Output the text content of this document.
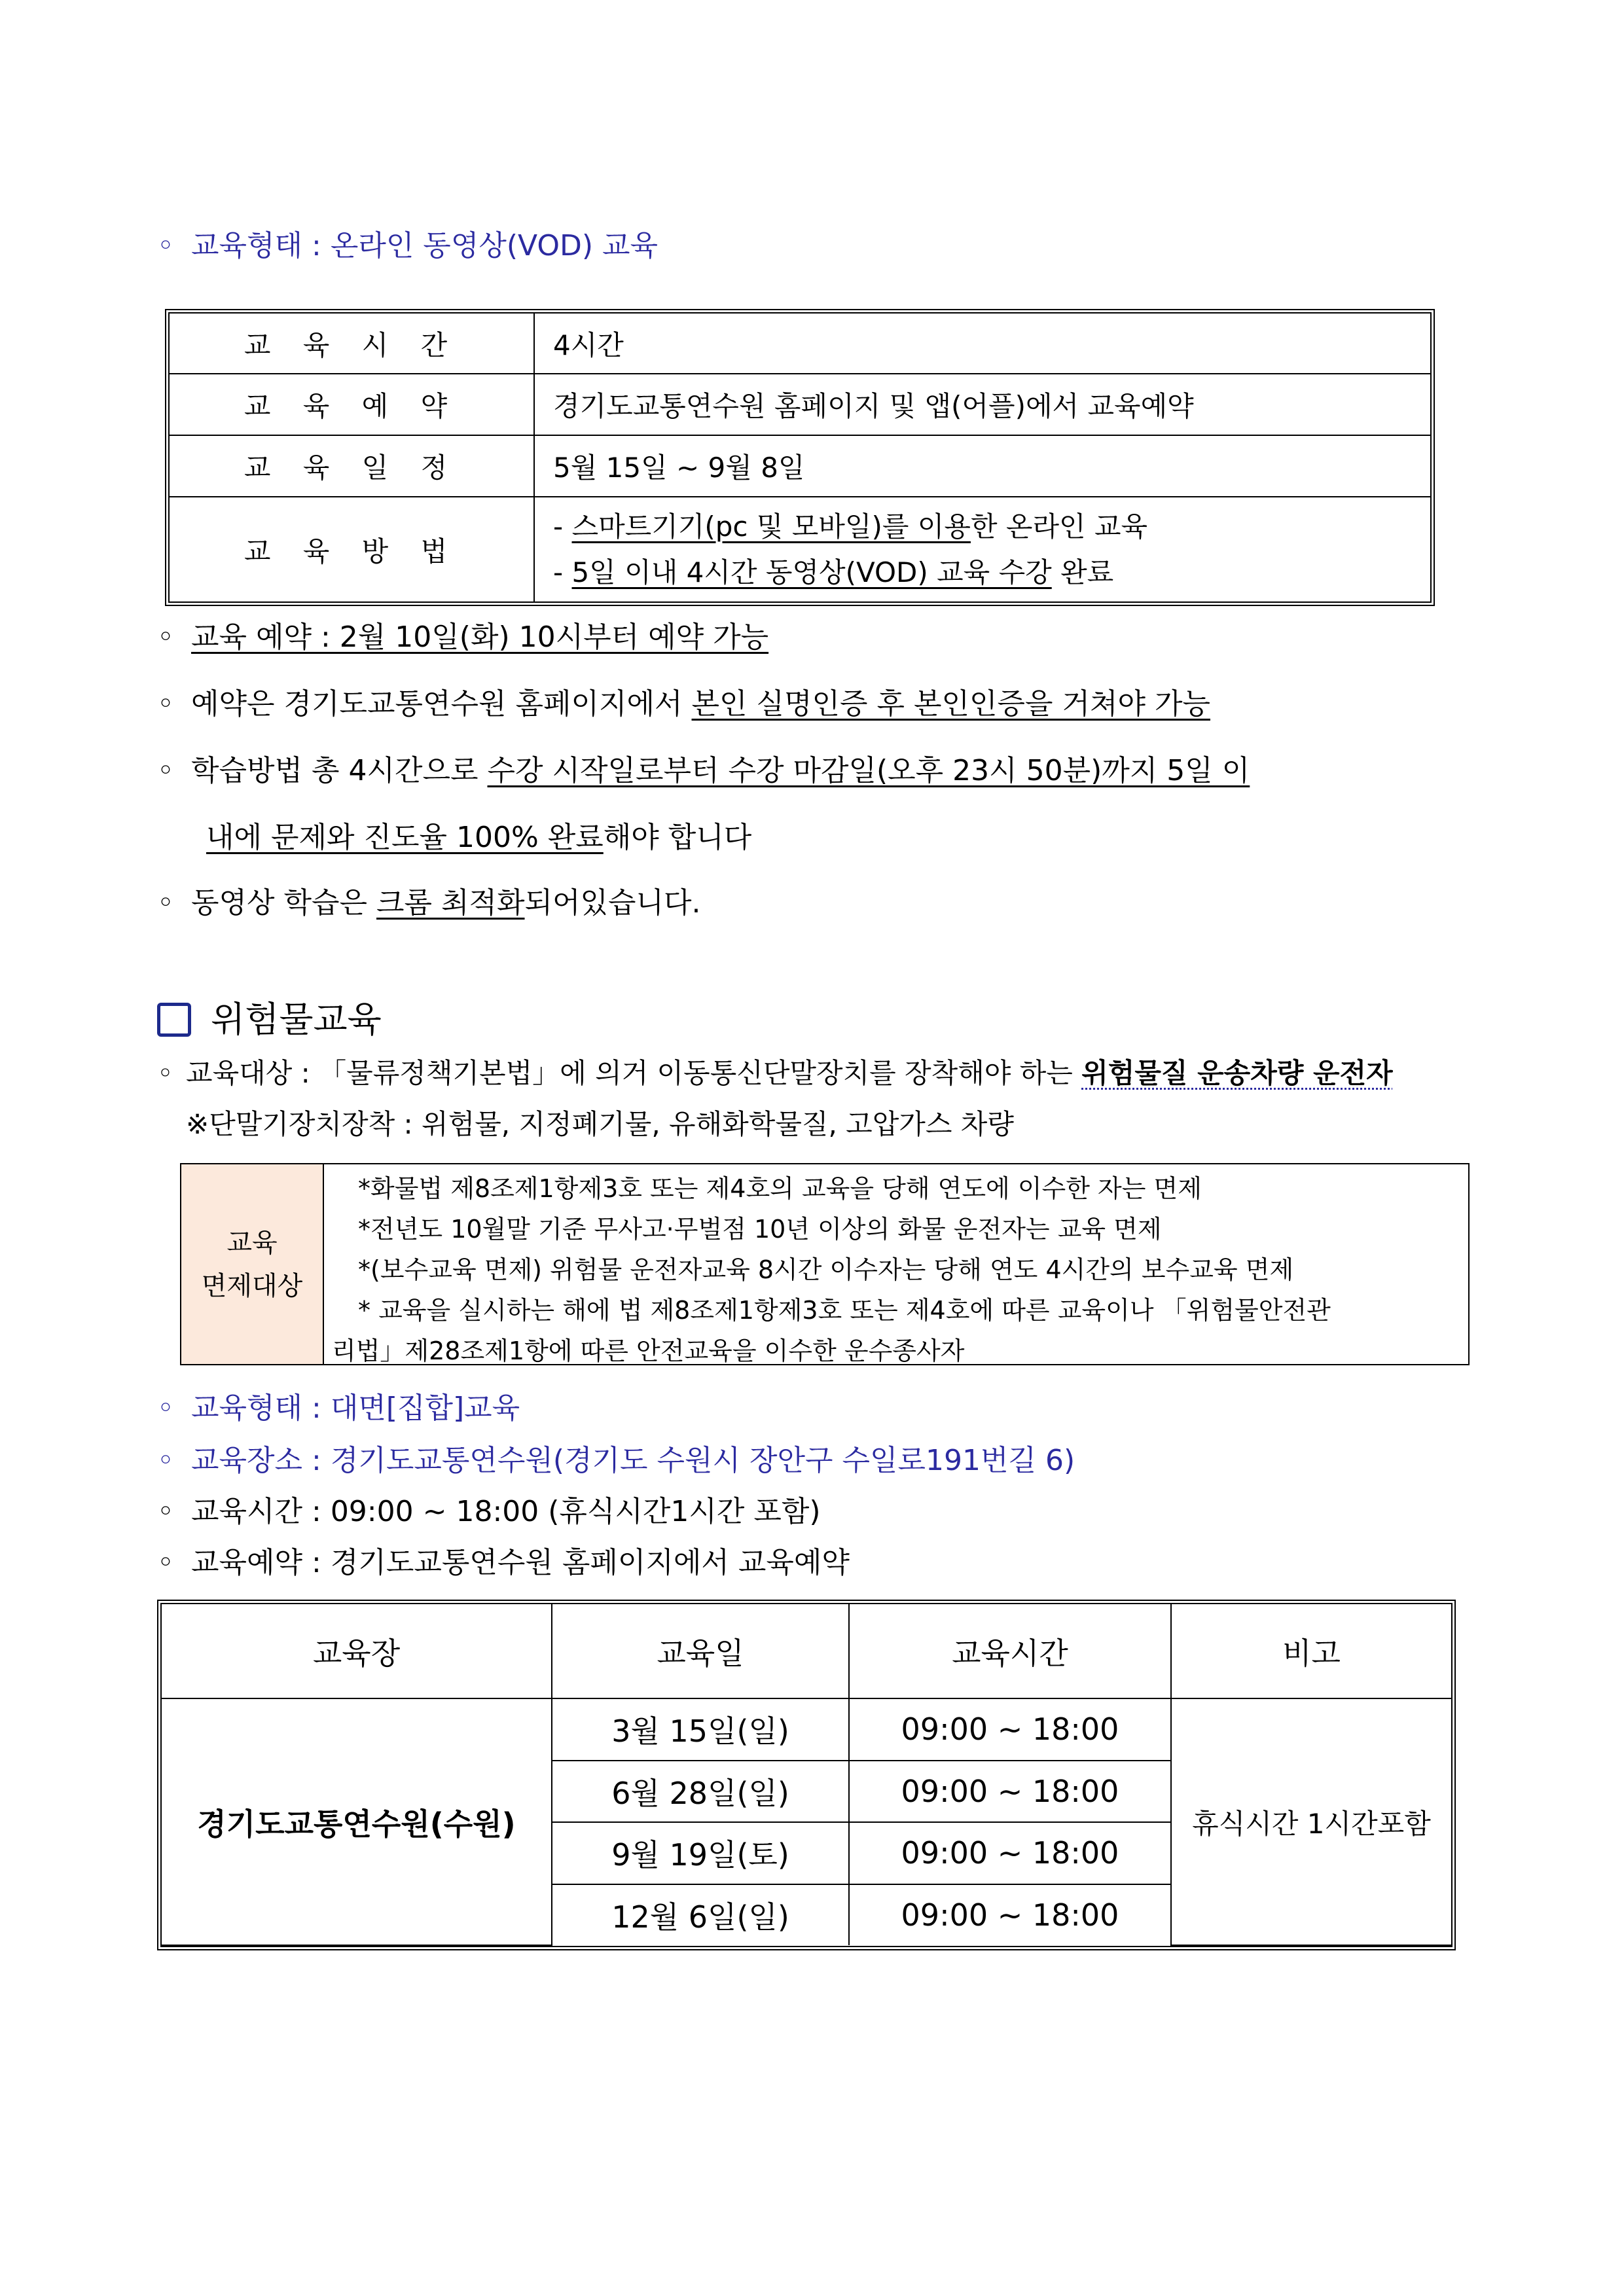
◦ 교육형태 : 온라인 동영상(VOD) 교육
교 육 시 간	4시간
교 육 예 약	경기도교통연수원 홈페이지 및 앱(어플)에서 교육예약
교 육 일 정	5월 15일 ~ 9월 8일
교 육 방 법	- 스마트기기(pc 및 모바일)를 이용한 온라인 교육
- 5일 이내 4시간 동영상(VOD) 교육 수강 완료
◦ 교육 예약 : 2월 10일(화) 10시부터 예약 가능
◦ 예약은 경기도교통연수원 홈페이지에서 본인 실명인증 후 본인인증을 거쳐야 가능
◦ 학습방법 총 4시간으로 수강 시작일로부터 수강 마감일(오후 23시 50분)까지 5일 이
내에 문제와 진도율 100% 완료해야 합니다
◦ 동영상 학습은 크롬 최적화되어있습니다.
위험물교육
◦ 교육대상 : 「물류정책기본법」에 의거 이동통신단말장치를 장착해야 하는 위험물질 운송차량 운전자
※단말기장치장착 : 위험물, 지정폐기물, 유해화학물질, 고압가스 차량
교육
면제대상
*화물법 제8조제1항제3호 또는 제4호의 교육을 당해 연도에 이수한 자는 면제
*전년도 10월말 기준 무사고·무벌점 10년 이상의 화물 운전자는 교육 면제
*(보수교육 면제) 위험물 운전자교육 8시간 이수자는 당해 연도 4시간의 보수교육 면제
* 교육을 실시하는 해에 법 제8조제1항제3호 또는 제4호에 따른 교육이나 「위험물안전관
리법」제28조제1항에 따른 안전교육을 이수한 운수종사자
◦ 교육형태 : 대면[집합]교육
◦ 교육장소 : 경기도교통연수원(경기도 수원시 장안구 수일로191번길 6)
◦ 교육시간 : 09:00 ~ 18:00 (휴식시간1시간 포함)
◦ 교육예약 : 경기도교통연수원 홈페이지에서 교육예약
교육장	교육일	교육시간	비고
경기도교통연수원(수원)	3월 15일(일)	09:00 ~ 18:00	휴식시간 1시간포함
	6월 28일(일)	09:00 ~ 18:00	
	9월 19일(토)	09:00 ~ 18:00	
	12월 6일(일)	09:00 ~ 18:00	
